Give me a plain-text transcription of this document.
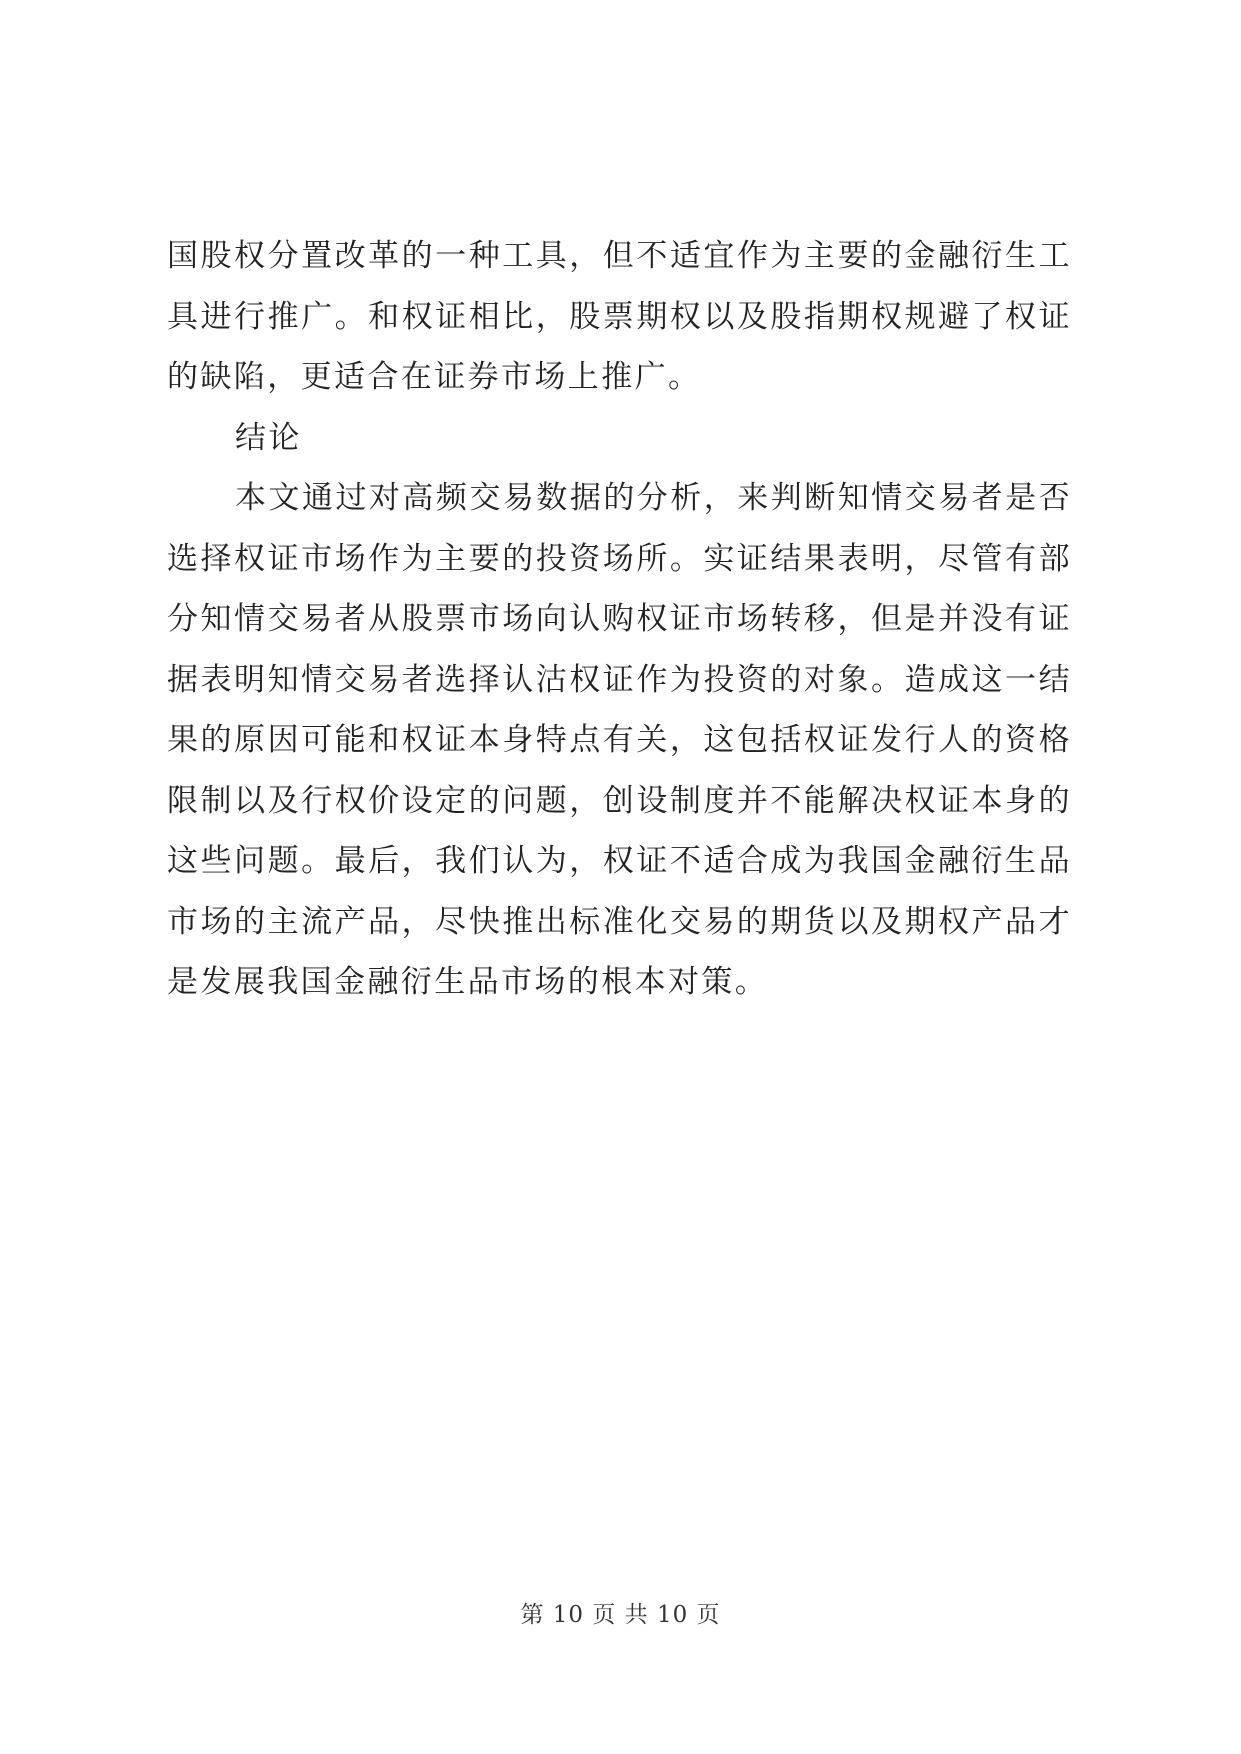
国股权分置改革的一种工具，但不适宜作为主要的金融衍生工具进行推广。和权证相比，股票期权以及股指期权规避了权证的缺陷，更适合在证券市场上推广。

结论

本文通过对高频交易数据的分析，来判断知情交易者是否选择权证市场作为主要的投资场所。实证结果表明，尽管有部分知情交易者从股票市场向认购权证市场转移，但是并没有证据表明知情交易者选择认沽权证作为投资的对象。造成这一结果的原因可能和权证本身特点有关，这包括权证发行人的资格限制以及行权价设定的问题，创设制度并不能解决权证本身的这些问题。最后，我们认为，权证不适合成为我国金融衍生品市场的主流产品，尽快推出标准化交易的期货以及期权产品才是发展我国金融衍生品市场的根本对策。

第 10 页 共 10 页
